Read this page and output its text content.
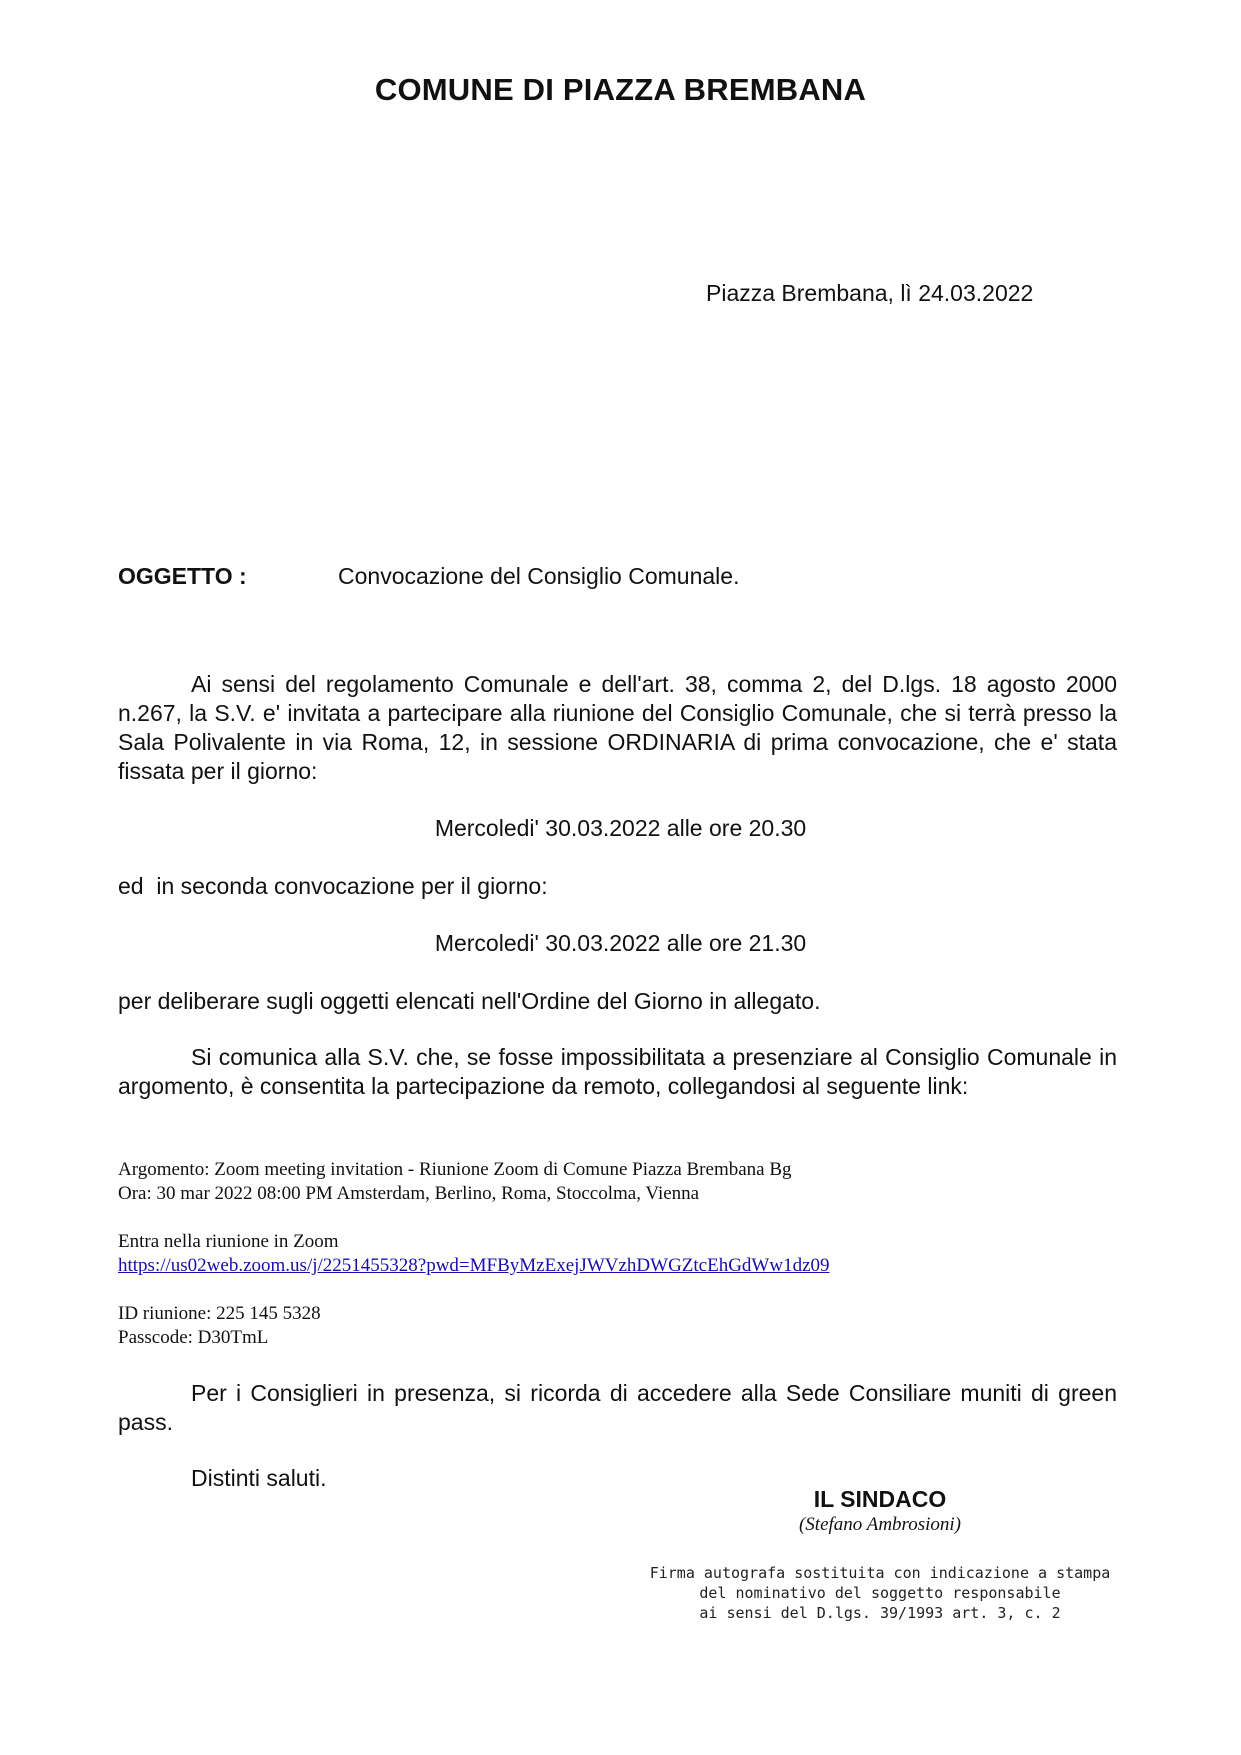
COMUNE DI PIAZZA BREMBANA
Piazza Brembana, lì 24.03.2022
OGGETTO :	Convocazione del Consiglio Comunale.
Ai sensi del regolamento Comunale e dell'art. 38, comma 2, del D.lgs. 18 agosto 2000 n.267, la S.V. e' invitata a partecipare alla riunione del Consiglio Comunale, che si terrà presso la Sala Polivalente in via Roma, 12, in sessione ORDINARIA di prima convocazione, che e' stata fissata per il giorno:
Mercoledi' 30.03.2022 alle ore 20.30
ed  in seconda convocazione per il giorno:
Mercoledi' 30.03.2022 alle ore 21.30
per deliberare sugli oggetti elencati nell'Ordine del Giorno in allegato.
Si comunica alla S.V. che, se fosse impossibilitata a presenziare al Consiglio Comunale in argomento, è consentita la partecipazione da remoto, collegandosi al seguente link:
Argomento: Zoom meeting invitation - Riunione Zoom di Comune Piazza Brembana Bg
Ora: 30 mar 2022 08:00 PM Amsterdam, Berlino, Roma, Stoccolma, Vienna
Entra nella riunione in Zoom
https://us02web.zoom.us/j/2251455328?pwd=MFByMzExejJWVzhDWGZtcEhGdWw1dz09
ID riunione: 225 145 5328
Passcode: D30TmL
Per i Consiglieri in presenza, si ricorda di accedere alla Sede Consiliare muniti di green pass.
Distinti saluti.
IL SINDACO
(Stefano Ambrosioni)
Firma autografa sostituita con indicazione a stampa
del nominativo del soggetto responsabile
ai sensi del D.lgs. 39/1993 art. 3, c. 2
